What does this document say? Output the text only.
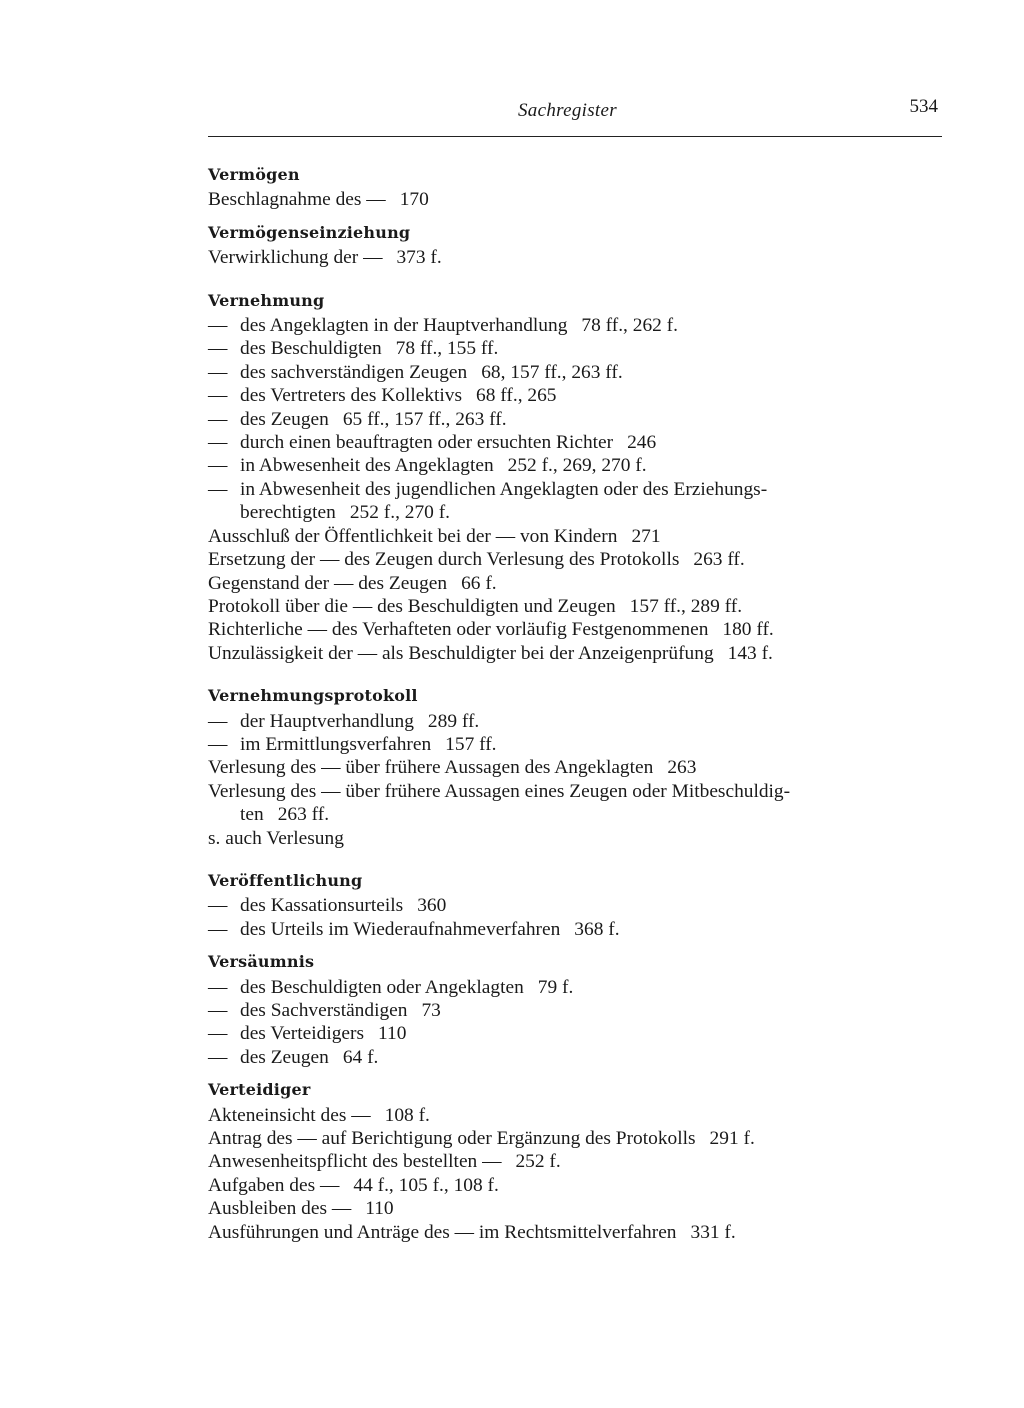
Sachregister	534
Vermögen
Beschlagnahme des — 170
Vermögenseinziehung
Verwirklichung der — 373 f.
Vernehmung
— des Angeklagten in der Hauptverhandlung 78 ff., 262 f.
— des Beschuldigten 78 ff., 155 ff.
— des sachverständigen Zeugen 68, 157 ff., 263 ff.
— des Vertreters des Kollektivs 68 ff., 265
— des Zeugen 65 ff., 157 ff., 263 ff.
— durch einen beauftragten oder ersuchten Richter 246
— in Abwesenheit des Angeklagten 252 f., 269, 270 f.
— in Abwesenheit des jugendlichen Angeklagten oder des Erziehungs-
berechtigten 252 f., 270 f.
Ausschluß der Öffentlichkeit bei der — von Kindern 271
Ersetzung der — des Zeugen durch Verlesung des Protokolls 263 ff.
Gegenstand der — des Zeugen 66 f.
Protokoll über die — des Beschuldigten und Zeugen 157 ff., 289 ff.
Richterliche — des Verhafteten oder vorläufig Festgenommenen 180 ff.
Unzulässigkeit der — als Beschuldigter bei der Anzeigenprüfung 143 f.
Vernehmungsprotokoll
— der Hauptverhandlung 289 ff.
— im Ermittlungsverfahren 157 ff.
Verlesung des — über frühere Aussagen des Angeklagten 263
Verlesung des — über frühere Aussagen eines Zeugen oder Mitbeschuldig-
ten 263 ff.
s. auch Verlesung
Veröffentlichung
— des Kassationsurteils 360
— des Urteils im Wiederaufnahmeverfahren 368 f.
Versäumnis
— des Beschuldigten oder Angeklagten 79 f.
— des Sachverständigen 73
— des Verteidigers 110
— des Zeugen 64 f.
Verteidiger
Akteneinsicht des — 108 f.
Antrag des — auf Berichtigung oder Ergänzung des Protokolls 291 f.
Anwesenheitspflicht des bestellten — 252 f.
Aufgaben des — 44 f., 105 f., 108 f.
Ausbleiben des — 110
Ausführungen und Anträge des — im Rechtsmittelverfahren 331 f.
